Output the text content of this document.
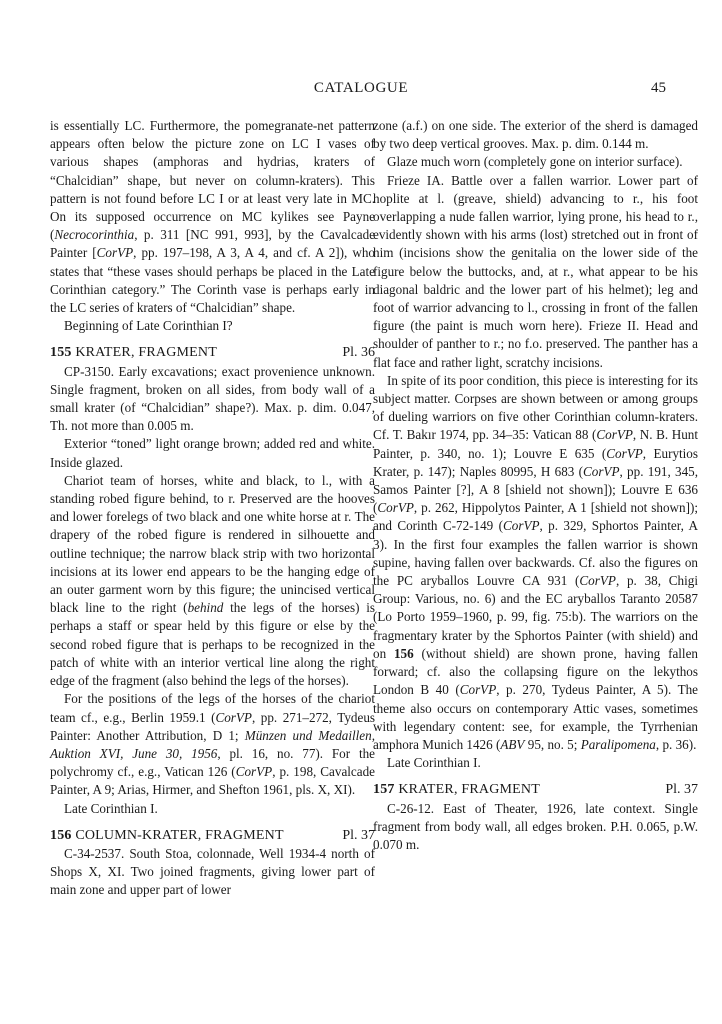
CATALOGUE	45

is essentially LC. Furthermore, the pomegranate-net pattern appears often below the picture zone on LC I vases of various shapes (amphoras and hydrias, kraters of “Chalcidian” shape, but never on column-kraters). This pattern is not found before LC I or at least very late in MC. On its supposed occurrence on MC kylikes see Payne (Necrocorinthia, p. 311 [NC 991, 993], by the Cavalcade Painter [CorVP, pp. 197–198, A 3, A 4, and cf. A 2]), who states that “these vases should perhaps be placed in the Late Corinthian category.” The Corinth vase is perhaps early in the LC series of kraters of “Chalcidian” shape.

Beginning of Late Corinthian I?

155 KRATER, FRAGMENT	Pl. 36

CP-3150. Early excavations; exact provenience unknown. Single fragment, broken on all sides, from body wall of a small krater (of “Chalcidian” shape?). Max. p. dim. 0.047, Th. not more than 0.005 m.

Exterior “toned” light orange brown; added red and white. Inside glazed.

Chariot team of horses, white and black, to l., with a standing robed figure behind, to r. Preserved are the hooves and lower forelegs of two black and one white horse at r. The drapery of the robed figure is rendered in silhouette and outline technique; the narrow black strip with two horizontal incisions at its lower end appears to be the hanging edge of an outer garment worn by this figure; the unincised vertical black line to the right (behind the legs of the horses) is perhaps a staff or spear held by this figure or else by the second robed figure that is perhaps to be recognized in the patch of white with an interior vertical line along the right edge of the fragment (also behind the legs of the horses).

For the positions of the legs of the horses of the chariot team cf., e.g., Berlin 1959.1 (CorVP, pp. 271–272, Tydeus Painter: Another Attribution, D 1; Münzen und Medaillen, Auktion XVI, June 30, 1956, pl. 16, no. 77). For the polychromy cf., e.g., Vatican 126 (CorVP, p. 198, Cavalcade Painter, A 9; Arias, Hirmer, and Shefton 1961, pls. X, XI).

Late Corinthian I.

156 COLUMN-KRATER, FRAGMENT	Pl. 37

C-34-2537. South Stoa, colonnade, Well 1934-4 north of Shops X, XI. Two joined fragments, giving lower part of main zone and upper part of lower

zone (a.f.) on one side. The exterior of the sherd is damaged by two deep vertical grooves. Max. p. dim. 0.144 m.

Glaze much worn (completely gone on interior surface).

Frieze IA. Battle over a fallen warrior. Lower part of hoplite at l. (greave, shield) advancing to r., his foot overlapping a nude fallen warrior, lying prone, his head to r., evidently shown with his arms (lost) stretched out in front of him (incisions show the genitalia on the lower side of the figure below the buttocks, and, at r., what appear to be his diagonal baldric and the lower part of his helmet); leg and foot of warrior advancing to l., crossing in front of the fallen figure (the paint is much worn here). Frieze II. Head and shoulder of panther to r.; no f.o. preserved. The panther has a flat face and rather light, scratchy incisions.

In spite of its poor condition, this piece is interesting for its subject matter. Corpses are shown between or among groups of dueling warriors on five other Corinthian column-kraters. Cf. T. Bakır 1974, pp. 34–35: Vatican 88 (CorVP, N. B. Hunt Painter, p. 340, no. 1); Louvre E 635 (CorVP, Eurytios Krater, p. 147); Naples 80995, H 683 (CorVP, pp. 191, 345, Samos Painter [?], A 8 [shield not shown]); Louvre E 636 (CorVP, p. 262, Hippolytos Painter, A 1 [shield not shown]); and Corinth C-72-149 (CorVP, p. 329, Sphortos Painter, A 3). In the first four examples the fallen warrior is shown supine, having fallen over backwards. Cf. also the figures on the PC aryballos Louvre CA 931 (CorVP, p. 38, Chigi Group: Various, no. 6) and the EC aryballos Taranto 20587 (Lo Porto 1959–1960, p. 99, fig. 75:b). The warriors on the fragmentary krater by the Sphortos Painter (with shield) and on 156 (without shield) are shown prone, having fallen forward; cf. also the collapsing figure on the lekythos London B 40 (CorVP, p. 270, Tydeus Painter, A 5). The theme also occurs on contemporary Attic vases, sometimes with legendary content: see, for example, the Tyrrhenian amphora Munich 1426 (ABV 95, no. 5; Paralipomena, p. 36).

Late Corinthian I.

157 KRATER, FRAGMENT	Pl. 37

C-26-12. East of Theater, 1926, late context. Single fragment from body wall, all edges broken. P.H. 0.065, p.W. 0.070 m.
